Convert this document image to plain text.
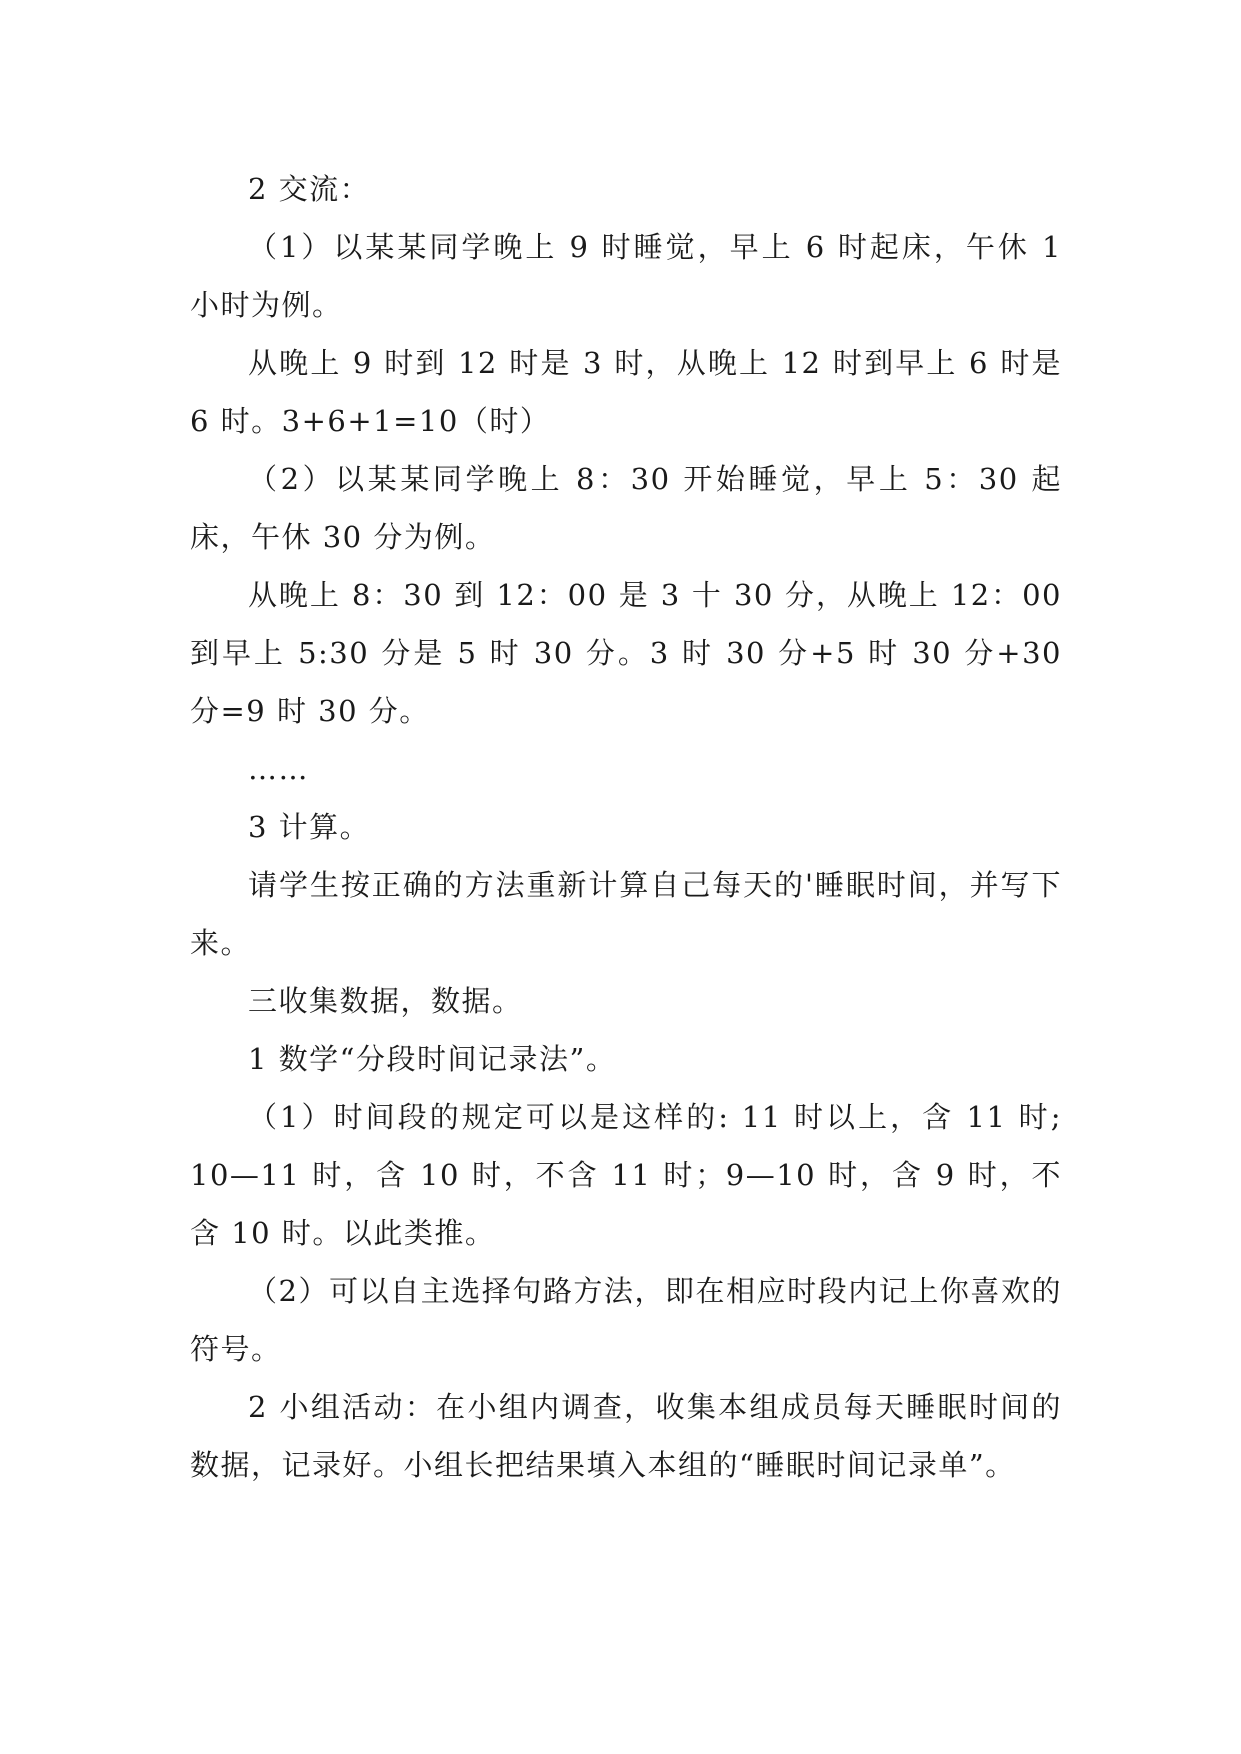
2 交流：

（1）以某某同学晚上 9 时睡觉，早上 6 时起床，午休 1 小时为例。

从晚上 9 时到 12 时是 3 时，从晚上 12 时到早上 6 时是 6 时。3+6+1=10（时）

（2）以某某同学晚上 8：30 开始睡觉，早上 5：30 起床，午休 30 分为例。

从晚上 8：30 到 12：00 是 3 十 30 分，从晚上 12：00 到早上 5:30 分是 5 时 30 分。3 时 30 分+5 时 30 分+30 分=9 时 30 分。

……

3 计算。

请学生按正确的方法重新计算自己每天的'睡眠时间，并写下来。

三收集数据，数据。

1 数学“分段时间记录法”。

（1）时间段的规定可以是这样的: 11 时以上，含 11 时; 10—11 时，含 10 时，不含 11 时；9—10 时，含 9 时，不含 10 时。以此类推。

（2）可以自主选择句路方法，即在相应时段内记上你喜欢的符号。

2 小组活动：在小组内调查，收集本组成员每天睡眠时间的数据，记录好。小组长把结果填入本组的“睡眠时间记录单”。
